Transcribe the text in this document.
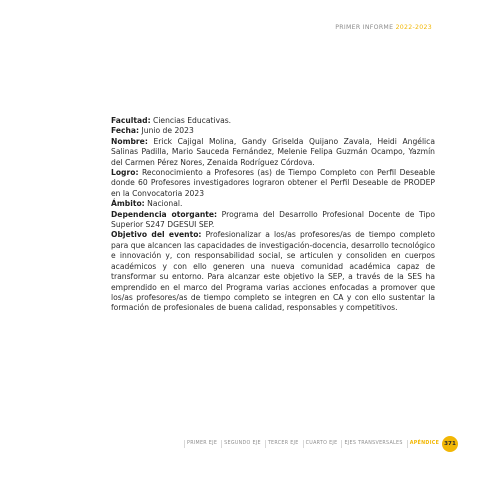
PRIMER INFORME 2022-2023

Facultad: Ciencias Educativas.

Fecha: Junio de 2023

Nombre: Erick Cajigal Molina, Gandy Griselda Quijano Zavala, Heidi Angélica Salinas Padilla, Mario Sauceda Fernández, Melenie Felipa Guzmán Ocampo, Yazmín del Carmen Pérez Nores, Zenaida Rodríguez Córdova.

Logro: Reconocimiento a Profesores (as) de Tiempo Completo con Perfil Deseable donde 60 Profesores investigadores lograron obtener el Perfil Deseable de PRODEP en la Convocatoria 2023

Ámbito: Nacional.

Dependencia otorgante: Programa del Desarrollo Profesional Docente de Tipo Superior S247 DGESUI SEP.

Objetivo del evento: Profesionalizar a los/as profesores/as de tiempo completo para que alcancen las capacidades de investigación-docencia, desarrollo tecnológico e innovación y, con responsabilidad social, se articulen y consoliden en cuerpos académicos y con ello generen una nueva comunidad académica capaz de transformar su entorno. Para alcanzar este objetivo la SEP, a través de la SES ha emprendido en el marco del Programa varias acciones enfocadas a promover que los/as profesores/as de tiempo completo se integren en CA y con ello sustentar la formación de profesionales de buena calidad, responsables y competitivos.

PRIMER EJE	SEGUNDO EJE	TERCER EJE	CUARTO EJE	EJES TRANSVERSALES	APÉNDICE 371
